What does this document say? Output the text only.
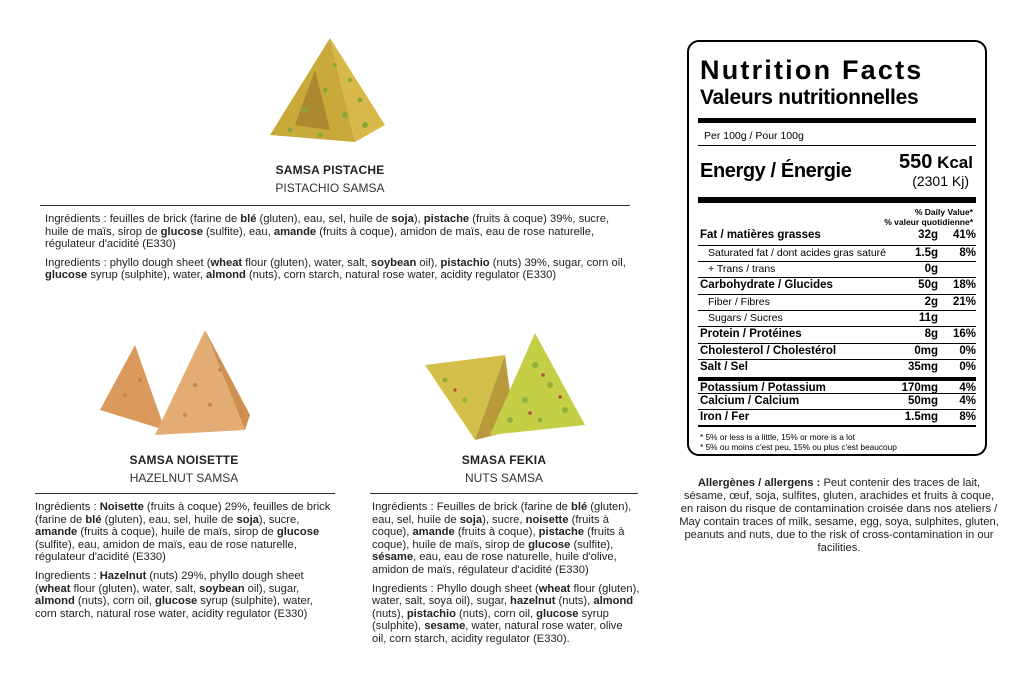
SAMSA PISTACHE
PISTACHIO SAMSA

Ingrédients : feuilles de brick (farine de blé (gluten), eau, sel, huile de soja), pistache (fruits à coque) 39%, sucre, huile de maïs, sirop de glucose (sulfite), eau, amande (fruits à coque), amidon de maïs, eau de rose naturelle, régulateur d'acidité (E330)

Ingredients : phyllo dough sheet (wheat flour (gluten), water, salt, soybean oil), pistachio (nuts) 39%, sugar, corn oil, glucose syrup (sulphite), water, almond (nuts), corn starch, natural rose water, acidity regulator (E330)

SAMSA NOISETTE
HAZELNUT SAMSA

Ingrédients : Noisette (fruits à coque) 29%, feuilles de brick (farine de blé (gluten), eau, sel, huile de soja), sucre, amande (fruits à coque), huile de maïs, sirop de glucose (sulfite), eau, amidon de maïs, eau de rose naturelle, régulateur d'acidité (E330)

Ingredients : Hazelnut (nuts) 29%, phyllo dough sheet (wheat flour (gluten), water, salt, soybean oil), sugar, almond (nuts), corn oil, glucose syrup (sulphite), water, corn starch, natural rose water, acidity regulator (E330)

SMASA FEKIA
NUTS SAMSA

Ingrédients : Feuilles de brick (farine de blé (gluten), eau, sel, huile de soja), sucre, noisette (fruits à coque), amande (fruits à coque), pistache (fruits à coque), huile de maïs, sirop de glucose (sulfite), sésame, eau, eau de rose naturelle, huile d'olive, amidon de maïs, régulateur d'acidité (E330)

Ingredients : Phyllo dough sheet (wheat flour (gluten), water, salt, soya oil), sugar, hazelnut (nuts), almond (nuts), pistachio (nuts), corn oil, glucose syrup (sulphite), sesame, water, natural rose water, olive oil, corn starch, acidity regulator (E330).

Nutrition Facts
Valeurs nutritionnelles
Per 100g / Pour 100g
Energy / Énergie 550 Kcal
(2301 Kj)
% Daily Value*
% valeur quotidienne*
Fat / matières grasses	32g 41%
Saturated fat / dont acides gras saturé	1.5g 8%
+ Trans / trans	0g
Carbohydrate / Glucides	50g 18%
Fiber / Fibres	2g 21%
Sugars / Sucres	11g
Protein / Protéines	8g 16%
Cholesterol / Cholestérol	0mg 0%
Salt / Sel	35mg 0%
Potassium / Potassium	170mg 4%
Calcium / Calcium	50mg 4%
Iron / Fer	1.5mg 8%
* 5% or less is a little, 15% or more is a lot
* 5% ou moins c'est peu, 15% ou plus c'est beaucoup
Allergènes / allergens : Peut contenir des traces de lait, sésame, œuf, soja, sulfites, gluten, arachides et fruits à coque, en raison du risque de contamination croisée dans nos ateliers / May contain traces of milk, sesame, egg, soya, sulphites, gluten, peanuts and nuts, due to the risk of cross-contamination in our facilities.
